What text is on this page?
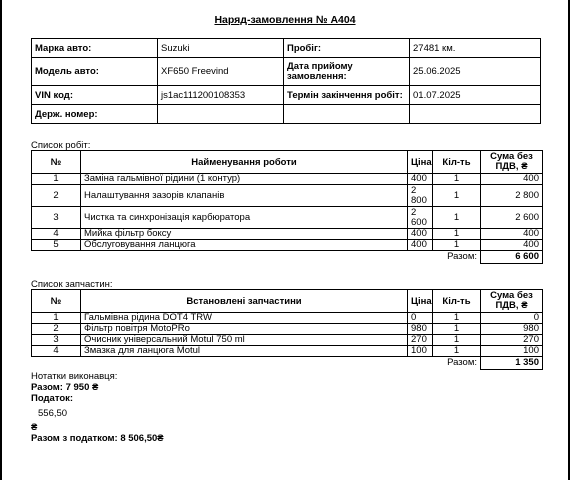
Наряд-замовлення № А404
Марка авто:	Suzuki	Пробіг:	27481 км.
Модель авто:	XF650 Freevind	Дата прийому замовлення:	25.06.2025
VIN код:	js1ac111200108353	Термін закінчення робіт:	01.07.2025
Держ. номер:			
Список робіт:
№	Найменування роботи	Ціна	Кіл-ть	Сума без ПДВ, ₴
1	Заміна гальмівної рідини (1 контур)	400	1	400
2	Налаштування зазорів клапанів	2 800	1	2 800
3	Чистка та синхронізація карбюратора	2 600	1	2 600
4	Мийка фільтр боксу	400	1	400
5	Обслуговування ланцюга	400	1	400
			Разом:	6 600
Список запчастин:
№	Встановлені запчастини	Ціна	Кіл-ть	Сума без ПДВ, ₴
1	Гальмівна рідина DOT4 TRW	0	1	0
2	Фільтр повітря MotoPRo	980	1	980
3	Очисник універсальний Motul 750 ml	270	1	270
4	Змазка для ланцюга Motul	100	1	100
			Разом:	1 350
Нотатки виконавця:
Разом: 7 950 ₴
Податок:
556,50
₴
Разом з податком: 8 506,50₴
